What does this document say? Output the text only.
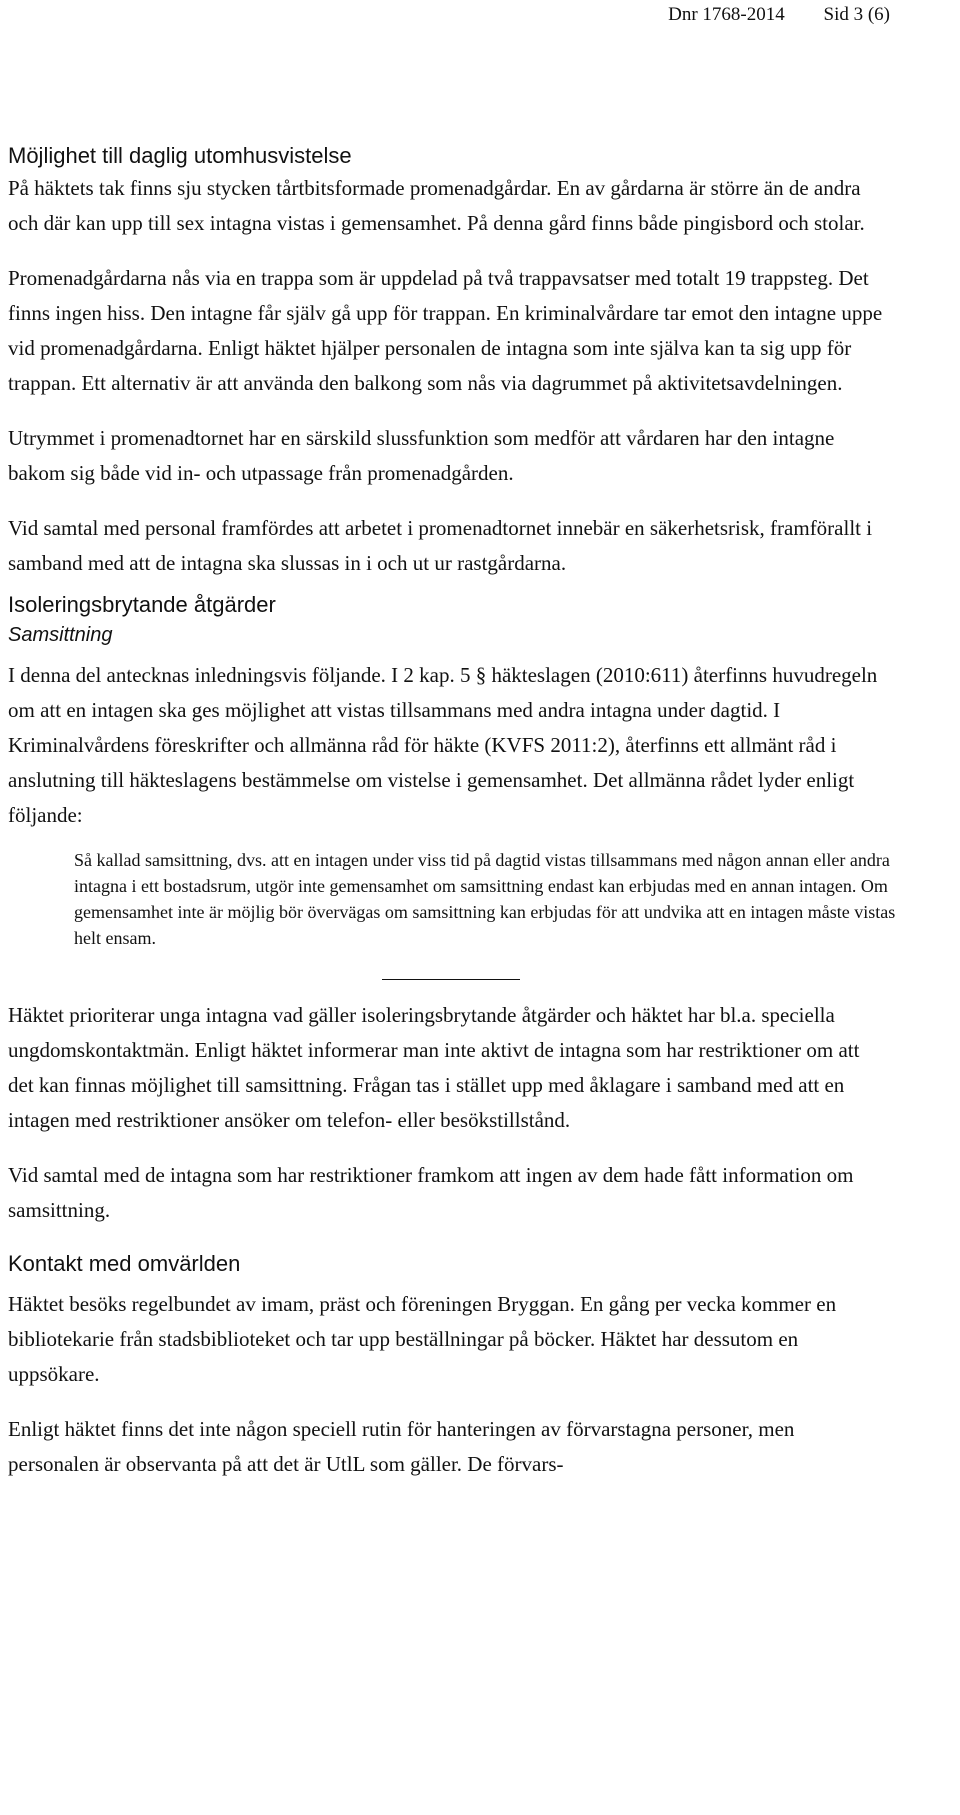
Dnr 1768-2014 Sid 3 (6)
Möjlighet till daglig utomhusvistelse

På häktets tak finns sju stycken tårtbitsformade promenadgårdar. En av gårdarna är större än de andra och där kan upp till sex intagna vistas i gemensamhet. På denna gård finns både pingisbord och stolar.

Promenadgårdarna nås via en trappa som är uppdelad på två trappavsatser med totalt 19 trappsteg. Det finns ingen hiss. Den intagne får själv gå upp för trappan. En kriminalvårdare tar emot den intagne uppe vid promenadgårdarna. Enligt häktet hjälper personalen de intagna som inte själva kan ta sig upp för trappan. Ett alternativ är att använda den balkong som nås via dagrummet på aktivitetsavdelningen.

Utrymmet i promenadtornet har en särskild slussfunktion som medför att vårdaren har den intagne bakom sig både vid in- och utpassage från promenadgården.

Vid samtal med personal framfördes att arbetet i promenadtornet innebär en säkerhetsrisk, framförallt i samband med att de intagna ska slussas in i och ut ur rastgårdarna.

Isoleringsbrytande åtgärder
Samsittning

I denna del antecknas inledningsvis följande. I 2 kap. 5 § häkteslagen (2010:611) återfinns huvudregeln om att en intagen ska ges möjlighet att vistas tillsammans med andra intagna under dagtid. I Kriminalvårdens föreskrifter och allmänna råd för häkte (KVFS 2011:2), återfinns ett allmänt råd i anslutning till häkteslagens bestämmelse om vistelse i gemensamhet. Det allmänna rådet lyder enligt följande:

Så kallad samsittning, dvs. att en intagen under viss tid på dagtid vistas tillsammans med någon annan eller andra intagna i ett bostadsrum, utgör inte gemensamhet om samsittning endast kan erbjudas med en annan intagen. Om gemensamhet inte är möjlig bör övervägas om samsittning kan erbjudas för att undvika att en intagen måste vistas helt ensam.

Häktet prioriterar unga intagna vad gäller isoleringsbrytande åtgärder och häktet har bl.a. speciella ungdomskontaktmän. Enligt häktet informerar man inte aktivt de intagna som har restriktioner om att det kan finnas möjlighet till samsittning. Frågan tas i stället upp med åklagare i samband med att en intagen med restriktioner ansöker om telefon- eller besökstillstånd.

Vid samtal med de intagna som har restriktioner framkom att ingen av dem hade fått information om samsittning.

Kontakt med omvärlden

Häktet besöks regelbundet av imam, präst och föreningen Bryggan. En gång per vecka kommer en bibliotekarie från stadsbiblioteket och tar upp beställningar på böcker. Häktet har dessutom en uppsökare.

Enligt häktet finns det inte någon speciell rutin för hanteringen av förvarstagna personer, men personalen är observanta på att det är UtlL som gäller. De förvars-
